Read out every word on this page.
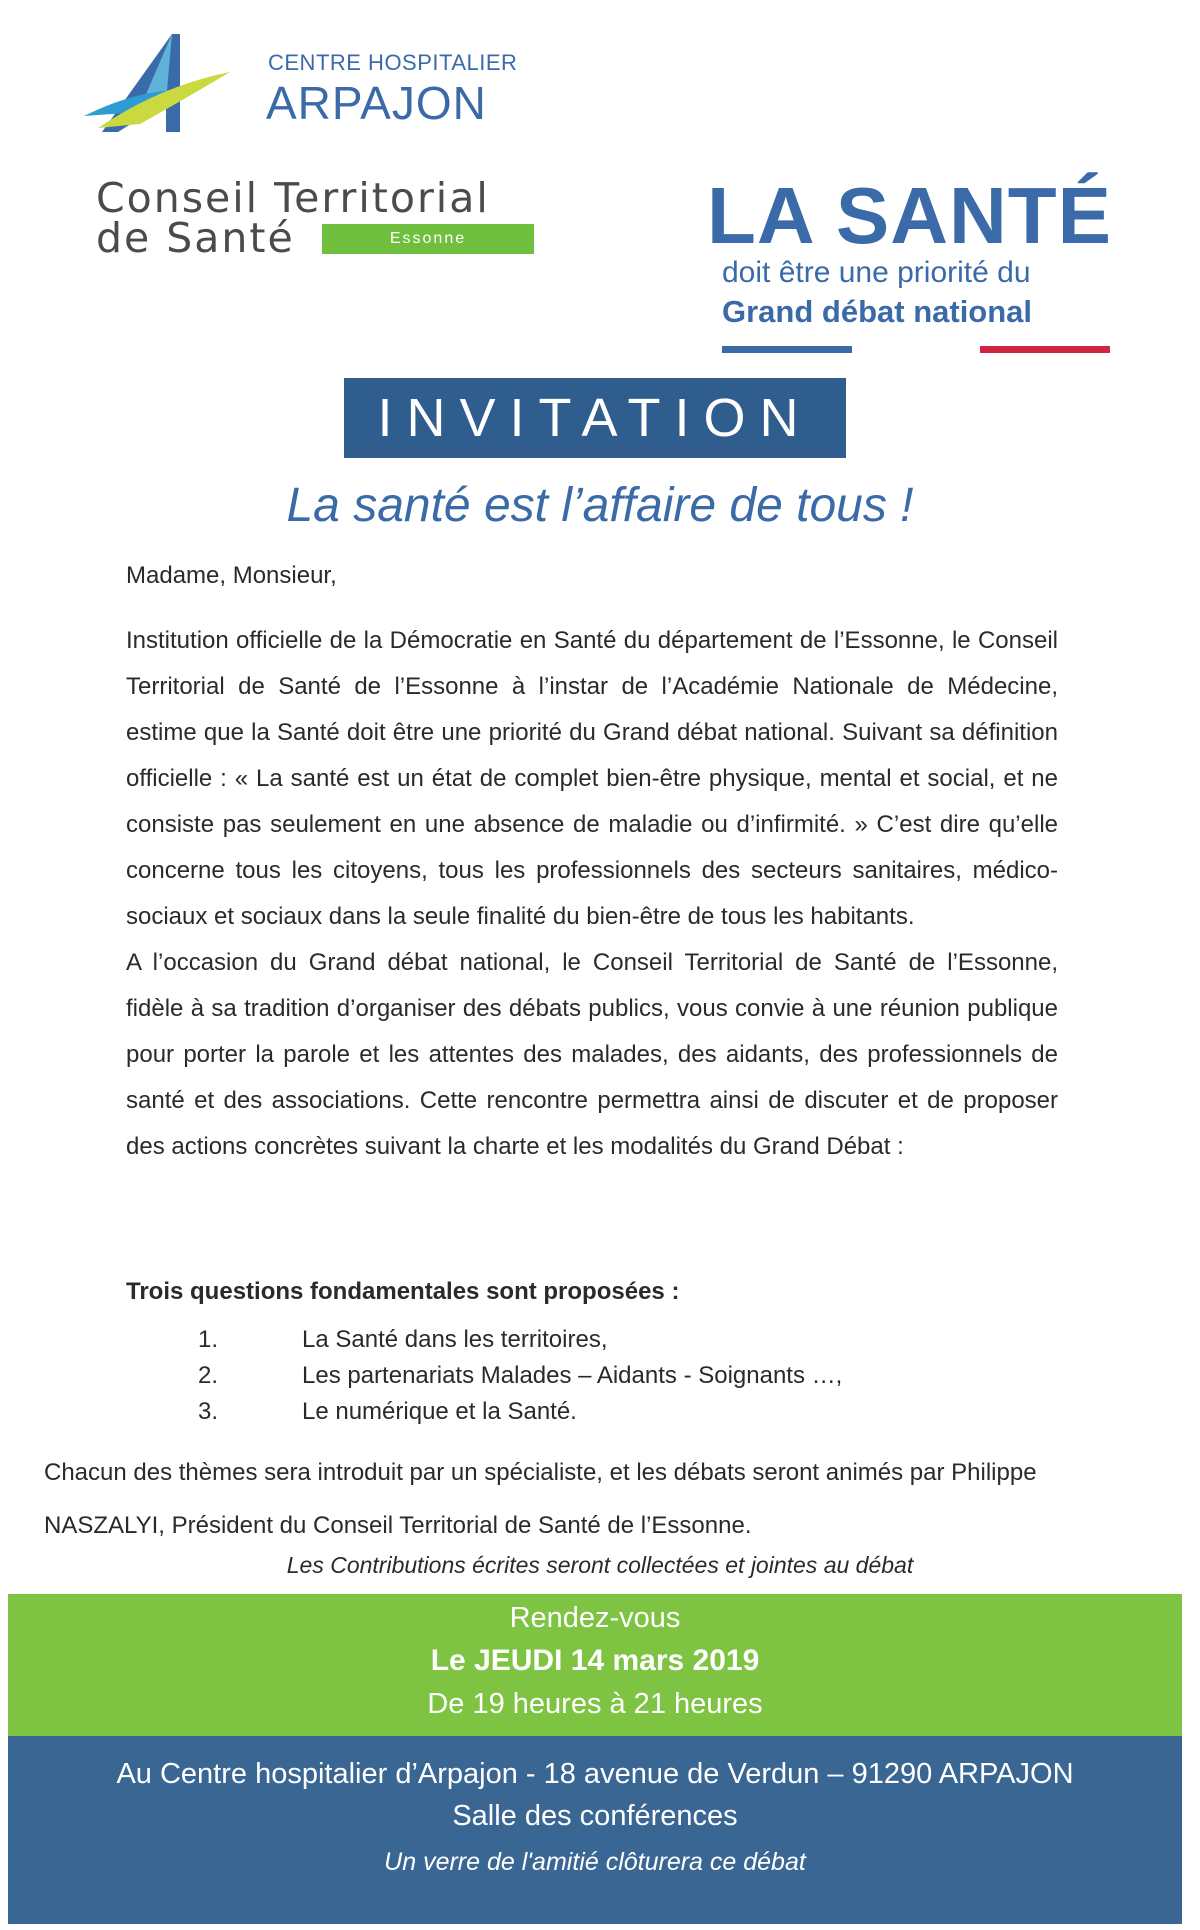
CENTRE HOSPITALIER
ARPAJON
Conseil Territorial
de Santé	Essonne	LA SANTÉ
doit être une priorité du
Grand débat national
INVITATION
La santé est l’affaire de tous !
Madame, Monsieur,

Institution officielle de la Démocratie en Santé du département de l’Essonne, le Conseil Territorial de Santé de l’Essonne à l’instar de l’Académie Nationale de Médecine, estime que la Santé doit être une priorité du Grand débat national. Suivant sa définition officielle : « La santé est un état de complet bien-être physique, mental et social, et ne consiste pas seulement en une absence de maladie ou d’infirmité. » C’est dire qu’elle concerne tous les citoyens, tous les professionnels des secteurs sanitaires, médico-sociaux et sociaux dans la seule finalité du bien-être de tous les habitants.

A l’occasion du Grand débat national, le Conseil Territorial de Santé de l’Essonne, fidèle à sa tradition d’organiser des débats publics, vous convie à une réunion publique pour porter la parole et les attentes des malades, des aidants, des professionnels de santé et des associations. Cette rencontre permettra ainsi de discuter et de proposer des actions concrètes suivant la charte et les modalités du Grand Débat :

Trois questions fondamentales sont proposées :
1.	La Santé dans les territoires,
2.	Les partenariats Malades – Aidants - Soignants …,
3.	Le numérique et la Santé.
Chacun des thèmes sera introduit par un spécialiste, et les débats seront animés par Philippe NASZALYI, Président du Conseil Territorial de Santé de l’Essonne.
Les Contributions écrites seront collectées et jointes au débat
Rendez-vous
Le JEUDI 14 mars 2019
De 19 heures à 21 heures
Au Centre hospitalier d’Arpajon - 18 avenue de Verdun – 91290 ARPAJON
Salle des conférences
Un verre de l'amitié clôturera ce débat
